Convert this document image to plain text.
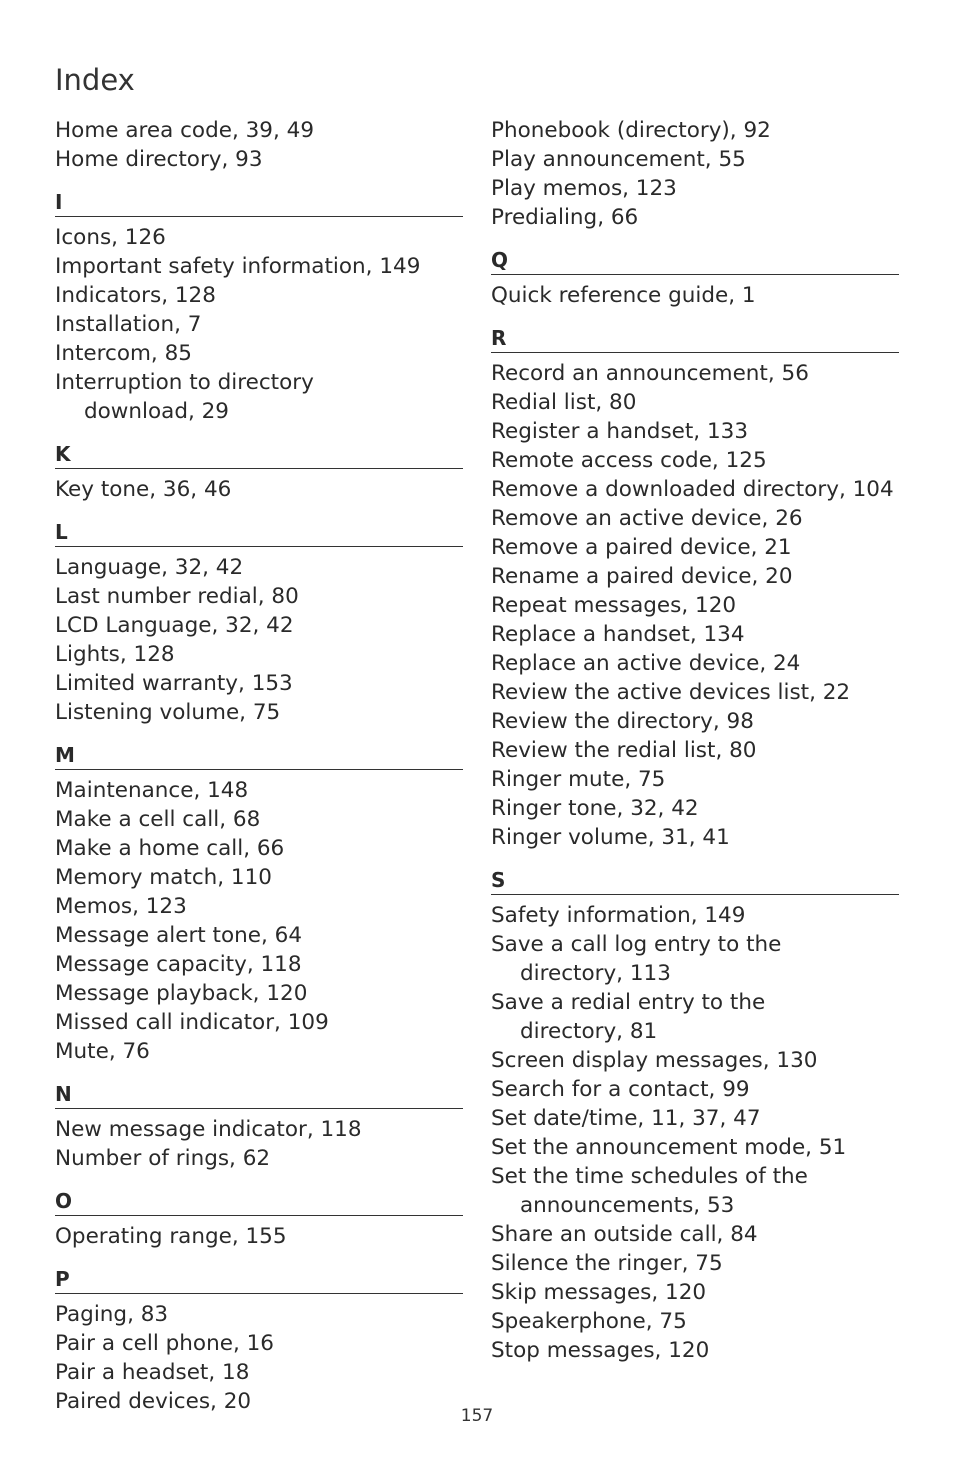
Index
Home area code, 39, 49
Home directory, 93
I
Icons, 126
Important safety information, 149
Indicators, 128
Installation, 7
Intercom, 85
Interruption to directory
download, 29
K
Key tone, 36, 46
L
Language, 32, 42
Last number redial, 80
LCD Language, 32, 42
Lights, 128
Limited warranty, 153
Listening volume, 75
M
Maintenance, 148
Make a cell call, 68
Make a home call, 66
Memory match, 110
Memos, 123
Message alert tone, 64
Message capacity, 118
Message playback, 120
Missed call indicator, 109
Mute, 76
N
New message indicator, 118
Number of rings, 62
O
Operating range, 155
P
Paging, 83
Pair a cell phone, 16
Pair a headset, 18
Paired devices, 20
Phonebook (directory), 92
Play announcement, 55
Play memos, 123
Predialing, 66
Q
Quick reference guide, 1
R
Record an announcement, 56
Redial list, 80
Register a handset, 133
Remote access code, 125
Remove a downloaded directory, 104
Remove an active device, 26
Remove a paired device, 21
Rename a paired device, 20
Repeat messages, 120
Replace a handset, 134
Replace an active device, 24
Review the active devices list, 22
Review the directory, 98
Review the redial list, 80
Ringer mute, 75
Ringer tone, 32, 42
Ringer volume, 31, 41
S
Safety information, 149
Save a call log entry to the
directory, 113
Save a redial entry to the
directory, 81
Screen display messages, 130
Search for a contact, 99
Set date/time, 11, 37, 47
Set the announcement mode, 51
Set the time schedules of the
announcements, 53
Share an outside call, 84
Silence the ringer, 75
Skip messages, 120
Speakerphone, 75
Stop messages, 120
157
